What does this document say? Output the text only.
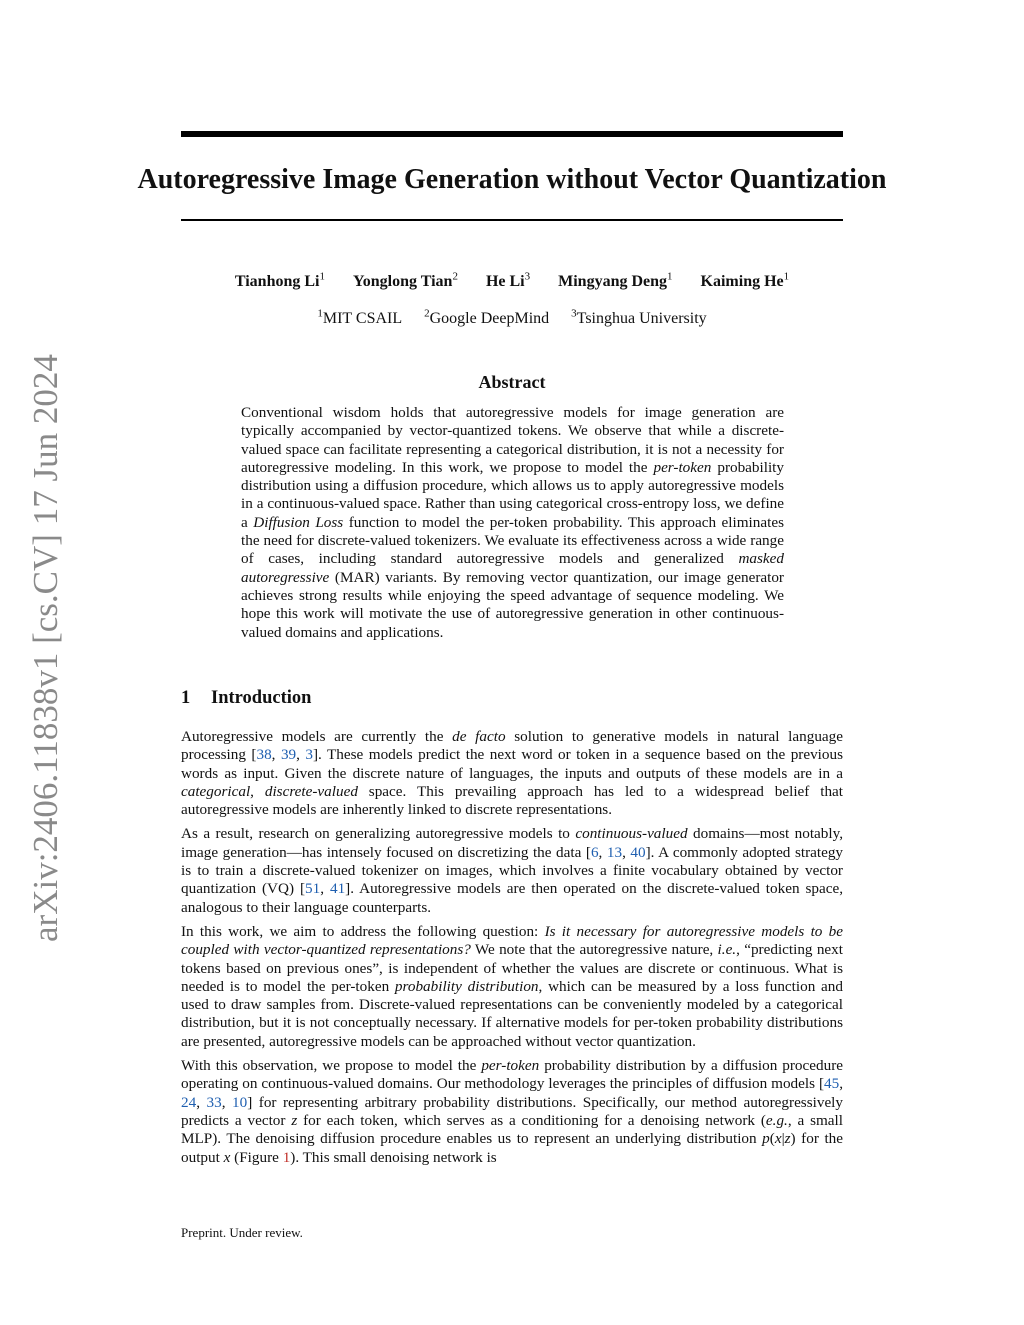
Autoregressive Image Generation without Vector Quantization
Tianhong Li$^1$ Yonglong Tian$^2$ He Li$^3$ Mingyang Deng$^1$ Kaiming He$^1$
$^1$MIT CSAIL $^2$Google DeepMind $^3$Tsinghua University
arXiv:2406.11838v1 [cs.CV] 17 Jun 2024	Abstract

Conventional wisdom holds that autoregressive models for image generation are typically accompanied by vector-quantized tokens. We observe that while a discrete-valued space can facilitate representing a categorical distribution, it is not a necessity for autoregressive modeling. In this work, we propose to model the per-token probability distribution using a diffusion procedure, which allows us to apply autoregressive models in a continuous-valued space. Rather than using categorical cross-entropy loss, we define a Diffusion Loss function to model the per-token probability. This approach eliminates the need for discrete-valued tokenizers. We evaluate its effectiveness across a wide range of cases, including standard autoregressive models and generalized masked autoregressive (MAR) variants. By removing vector quantization, our image generator achieves strong results while enjoying the speed advantage of sequence modeling. We hope this work will motivate the use of autoregressive generation in other continuous-valued domains and applications.

1 Introduction

Autoregressive models are currently the de facto solution to generative models in natural language processing [38, 39, 3]. These models predict the next word or token in a sequence based on the previous words as input. Given the discrete nature of languages, the inputs and outputs of these models are in a categorical, discrete-valued space. This prevailing approach has led to a widespread belief that autoregressive models are inherently linked to discrete representations.

As a result, research on generalizing autoregressive models to continuous-valued domains—most notably, image generation—has intensely focused on discretizing the data [6, 13, 40]. A commonly adopted strategy is to train a discrete-valued tokenizer on images, which involves a finite vocabulary obtained by vector quantization (VQ) [51, 41]. Autoregressive models are then operated on the discrete-valued token space, analogous to their language counterparts.

In this work, we aim to address the following question: Is it necessary for autoregressive models to be coupled with vector-quantized representations? We note that the autoregressive nature, i.e., “predicting next tokens based on previous ones”, is independent of whether the values are discrete or continuous. What is needed is to model the per-token probability distribution, which can be measured by a loss function and used to draw samples from. Discrete-valued representations can be conveniently modeled by a categorical distribution, but it is not conceptually necessary. If alternative models for per-token probability distributions are presented, autoregressive models can be approached without vector quantization.

With this observation, we propose to model the per-token probability distribution by a diffusion procedure operating on continuous-valued domains. Our methodology leverages the principles of diffusion models [45, 24, 33, 10] for representing arbitrary probability distributions. Specifically, our method autoregressively predicts a vector z for each token, which serves as a conditioning for a denoising network (e.g., a small MLP). The denoising diffusion procedure enables us to represent an underlying distribution p(x|z) for the output x (Figure 1). This small denoising network is

Preprint. Under review.
